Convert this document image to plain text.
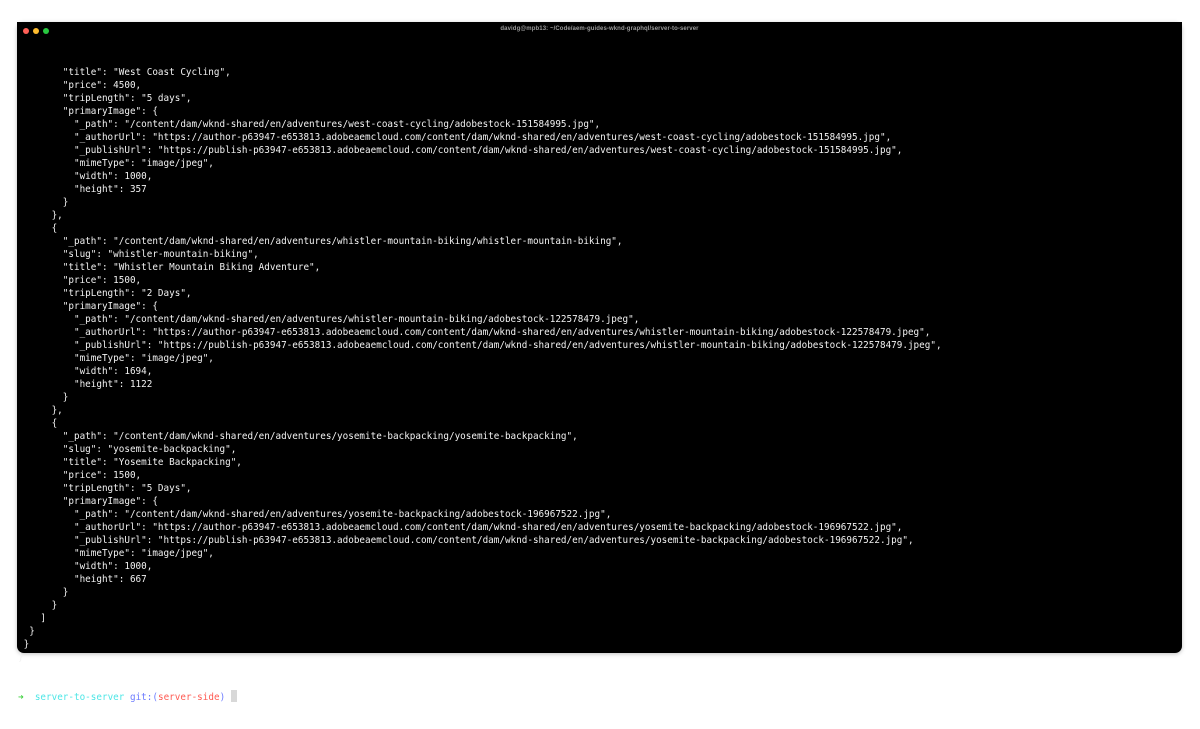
davidg@mpb13: ~/Code/aem-guides-wknd-graphql/server-to-server

"title": "West Coast Cycling",
"price": 4500,
"tripLength": "5 days",
"primaryImage": {
"_path": "/content/dam/wknd-shared/en/adventures/west-coast-cycling/adobestock-151584995.jpg",
"_authorUrl": "https://author-p63947-e653813.adobeaemcloud.com/content/dam/wknd-shared/en/adventures/west-coast-cycling/adobestock-151584995.jpg",
"_publishUrl": "https://publish-p63947-e653813.adobeaemcloud.com/content/dam/wknd-shared/en/adventures/west-coast-cycling/adobestock-151584995.jpg",
"mimeType": "image/jpeg",
"width": 1000,
"height": 357
}
},
{
"_path": "/content/dam/wknd-shared/en/adventures/whistler-mountain-biking/whistler-mountain-biking",
"slug": "whistler-mountain-biking",
"title": "Whistler Mountain Biking Adventure",
"price": 1500,
"tripLength": "2 Days",
"primaryImage": {
"_path": "/content/dam/wknd-shared/en/adventures/whistler-mountain-biking/adobestock-122578479.jpeg",
"_authorUrl": "https://author-p63947-e653813.adobeaemcloud.com/content/dam/wknd-shared/en/adventures/whistler-mountain-biking/adobestock-122578479.jpeg",
"_publishUrl": "https://publish-p63947-e653813.adobeaemcloud.com/content/dam/wknd-shared/en/adventures/whistler-mountain-biking/adobestock-122578479.jpeg",
"mimeType": "image/jpeg",
"width": 1694,
"height": 1122
}
},
{
"_path": "/content/dam/wknd-shared/en/adventures/yosemite-backpacking/yosemite-backpacking",
"slug": "yosemite-backpacking",
"title": "Yosemite Backpacking",
"price": 1500,
"tripLength": "5 Days",
"primaryImage": {
"_path": "/content/dam/wknd-shared/en/adventures/yosemite-backpacking/adobestock-196967522.jpg",
"_authorUrl": "https://author-p63947-e653813.adobeaemcloud.com/content/dam/wknd-shared/en/adventures/yosemite-backpacking/adobestock-196967522.jpg",
"_publishUrl": "https://publish-p63947-e653813.adobeaemcloud.com/content/dam/wknd-shared/en/adventures/yosemite-backpacking/adobestock-196967522.jpg",
"mimeType": "image/jpeg",
"width": 1000,
"height": 667
}
}
]
}
}
}

➜ server-to-server git:(server-side)
